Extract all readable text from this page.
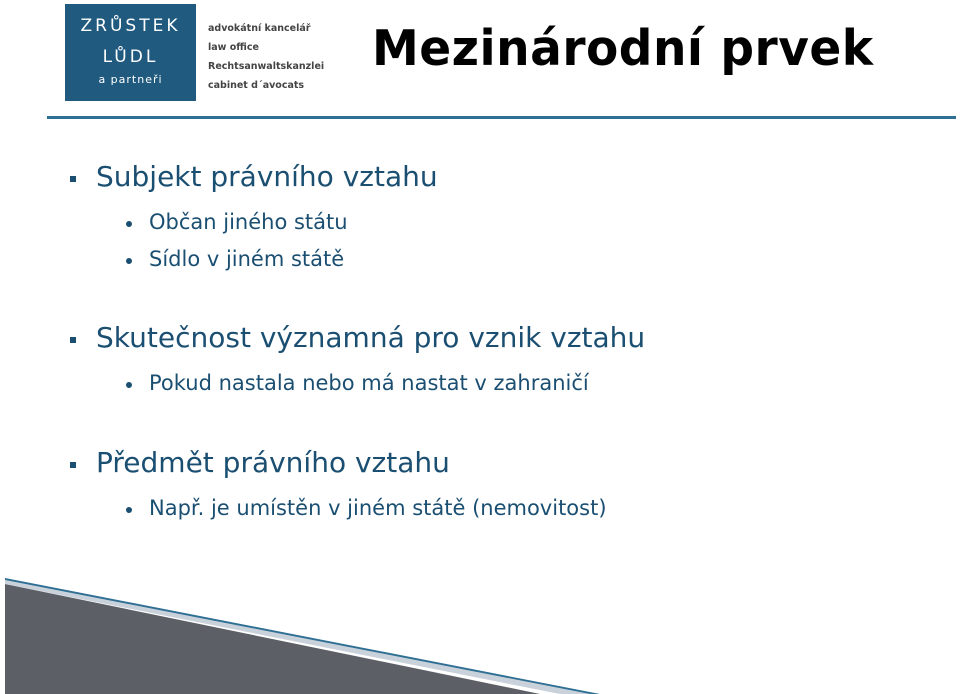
ZRŮSTEK
LŮDL
a partneři
advokátní kancelář
law office
Rechtsanwaltskanzlei
cabinet d´avocats
Mezinárodní prvek
Subjekt právního vztahu
Občan jiného státu
Sídlo v jiném státě
Skutečnost významná pro vznik vztahu
Pokud nastala nebo má nastat v zahraničí
Předmět právního vztahu
Např. je umístěn v jiném státě (nemovitost)
